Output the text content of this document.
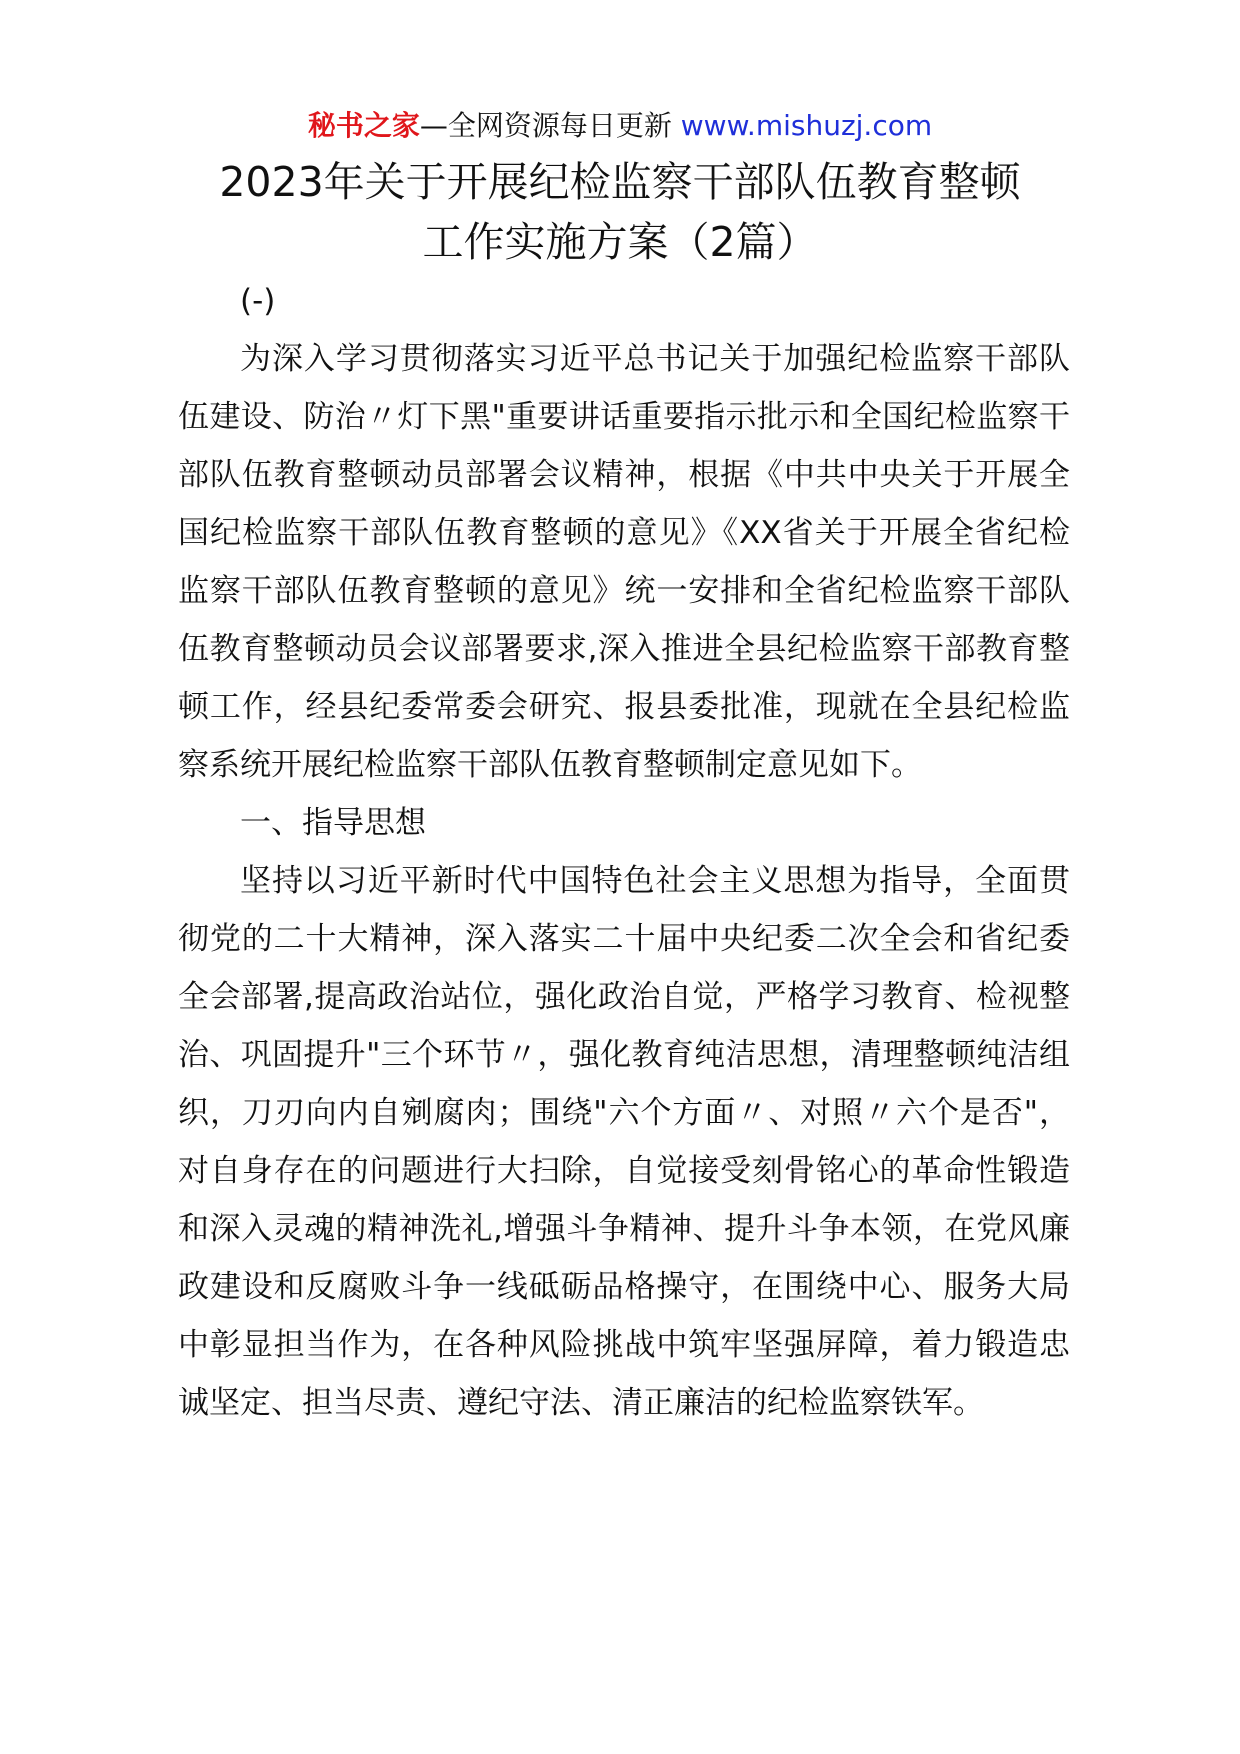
秘书之家—全网资源每日更新 www.mishuzj.com
2023年关于开展纪检监察干部队伍教育整顿
工作实施方案（2篇）

(-)

为深入学习贯彻落实习近平总书记关于加强纪检监察干部队伍建设、防治〃灯下黑"重要讲话重要指示批示和全国纪检监察干部队伍教育整顿动员部署会议精神，根据《中共中央关于开展全国纪检监察干部队伍教育整顿的意见》《XX省关于开展全省纪检监察干部队伍教育整顿的意见》统一安排和全省纪检监察干部队伍教育整顿动员会议部署要求,深入推进全县纪检监察干部教育整顿工作，经县纪委常委会研究、报县委批准，现就在全县纪检监察系统开展纪检监察干部队伍教育整顿制定意见如下。

一、指导思想

坚持以习近平新时代中国特色社会主义思想为指导，全面贯彻党的二十大精神，深入落实二十届中央纪委二次全会和省纪委全会部署,提高政治站位，强化政治自觉，严格学习教育、检视整治、巩固提升"三个环节〃，强化教育纯洁思想，清理整顿纯洁组织，刀刃向内自剜腐肉；围绕"六个方面〃、对照〃六个是否"，对自身存在的问题进行大扫除，自觉接受刻骨铭心的革命性锻造和深入灵魂的精神洗礼,增强斗争精神、提升斗争本领，在党风廉政建设和反腐败斗争一线砥砺品格操守，在围绕中心、服务大局中彰显担当作为，在各种风险挑战中筑牢坚强屏障，着力锻造忠诚坚定、担当尽责、遵纪守法、清正廉洁的纪检监察铁军。
